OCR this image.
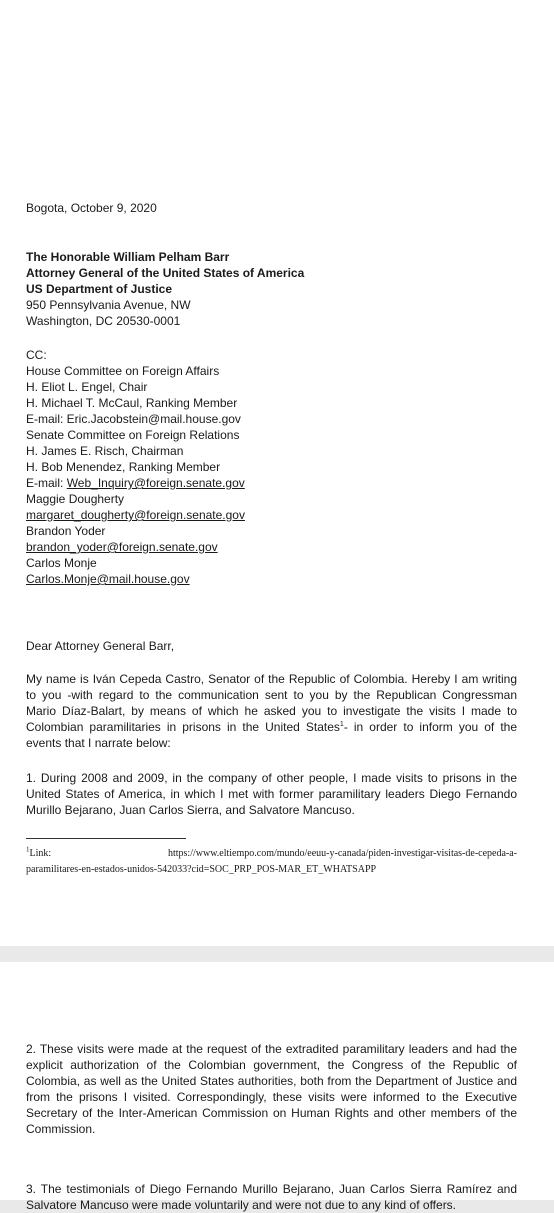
Bogota, October 9, 2020
The Honorable William Pelham Barr
Attorney General of the United States of America
US Department of Justice
950 Pennsylvania Avenue, NW
Washington, DC 20530-0001
CC:
House Committee on Foreign Affairs
H. Eliot L. Engel, Chair
H. Michael T. McCaul, Ranking Member
E-mail: Eric.Jacobstein@mail.house.gov
Senate Committee on Foreign Relations
H. James E. Risch, Chairman
H. Bob Menendez, Ranking Member
E-mail: Web_Inquiry@foreign.senate.gov
Maggie Dougherty
margaret_dougherty@foreign.senate.gov
Brandon Yoder
brandon_yoder@foreign.senate.gov
Carlos Monje
Carlos.Monje@mail.house.gov
Dear Attorney General Barr,
My name is Iván Cepeda Castro, Senator of the Republic of Colombia. Hereby I am writing
to you -with regard to the communication sent to you by the Republican Congressman
Mario Díaz-Balart, by means of which he asked you to investigate the visits I made to
Colombian paramilitaries in prisons in the United States$^1$- in order to inform you of the
events that I narrate below:
1. During 2008 and 2009, in the company of other people, I made visits to prisons in the
United States of America, in which I met with former paramilitary leaders Diego Fernando
Murillo Bejarano, Juan Carlos Sierra, and Salvatore Mancuso.
$^1$Link:	https://www.eltiempo.com/mundo/eeuu-y-canada/piden-investigar-visitas-de-cepeda-a-
paramilitares-en-estados-unidos-542033?cid=SOC_PRP_POS-MAR_ET_WHATSAPP
2. These visits were made at the request of the extradited paramilitary leaders and had the
explicit authorization of the Colombian government, the Congress of the Republic of
Colombia, as well as the United States authorities, both from the Department of Justice and
from the prisons I visited. Correspondingly, these visits were informed to the Executive
Secretary of the Inter-American Commission on Human Rights and other members of the
Commission.
3. The testimonials of Diego Fernando Murillo Bejarano, Juan Carlos Sierra Ramírez and
Salvatore Mancuso were made voluntarily and were not due to any kind of offers.
